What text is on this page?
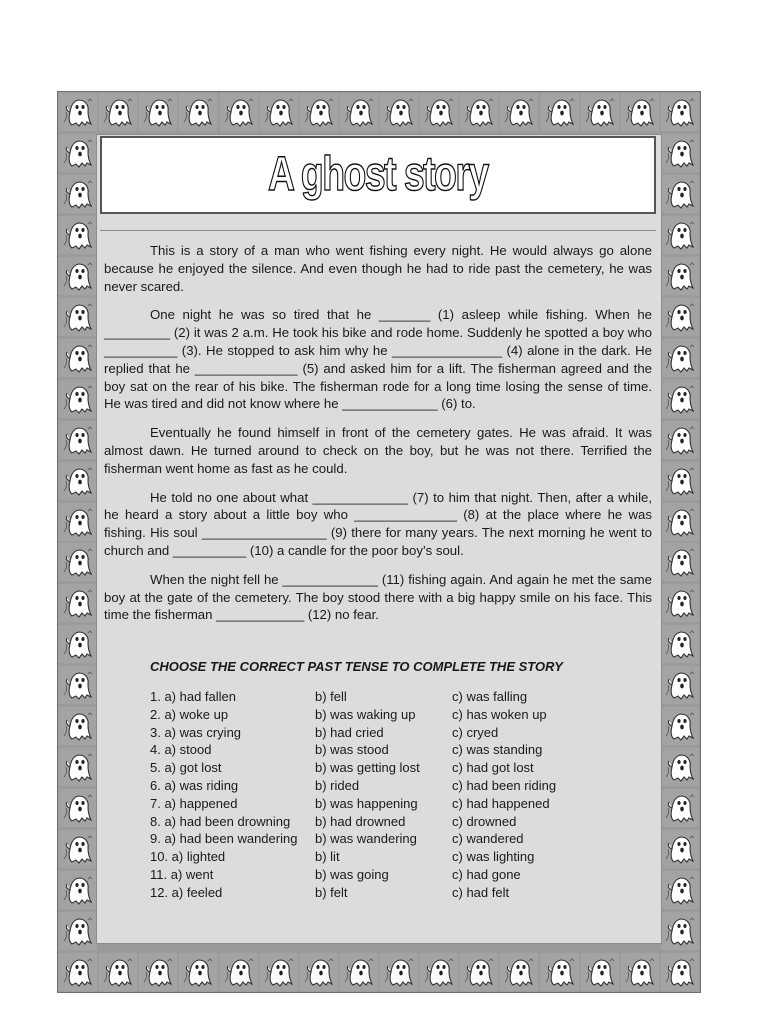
A ghost story

This is a story of a man who went fishing every night. He would always go alone because he enjoyed the silence. And even though he had to ride past the cemetery, he was never scared.

One night he was so tired that he _______ (1) asleep while fishing. When he _________ (2) it was 2 a.m. He took his bike and rode home. Suddenly he spotted a boy who __________ (3). He stopped to ask him why he _______________ (4) alone in the dark. He replied that he ______________ (5) and asked him for a lift. The fisherman agreed and the boy sat on the rear of his bike. The fisherman rode for a long time losing the sense of time. He was tired and did not know where he _____________ (6) to.

Eventually he found himself in front of the cemetery gates. He was afraid. It was almost dawn. He turned around to check on the boy, but he was not there. Terrified the fisherman went home as fast as he could.

He told no one about what _____________ (7) to him that night. Then, after a while, he heard a story about a little boy who ______________ (8) at the place where he was fishing. His soul _________________ (9) there for many years. The next morning he went to church and __________ (10) a candle for the poor boy’s soul.

When the night fell he _____________ (11) fishing again. And again he met the same boy at the gate of the cemetery. The boy stood there with a big happy smile on his face. This time the fisherman ____________ (12) no fear.

CHOOSE THE CORRECT PAST TENSE TO COMPLETE THE STORY
1. a) had fallen	b) fell	c) was falling
2. a) woke up	b) was waking up	c) has woken up
3. a) was crying	b) had cried	c) cryed
4. a) stood	b) was stood	c) was standing
5. a) got lost	b) was getting lost c) had got lost
6. a) was riding	b) rided	c) had been riding
7. a) happened	b) was happening	c) had happened
8. a) had been drowning b) had drowned	c) drowned
9. a) had been wandering b) was wandering	c) wandered
10. a) lighted	b) lit	c) was lighting
11. a) went	b) was going	c) had gone
12. a) feeled	b) felt	c) had felt
